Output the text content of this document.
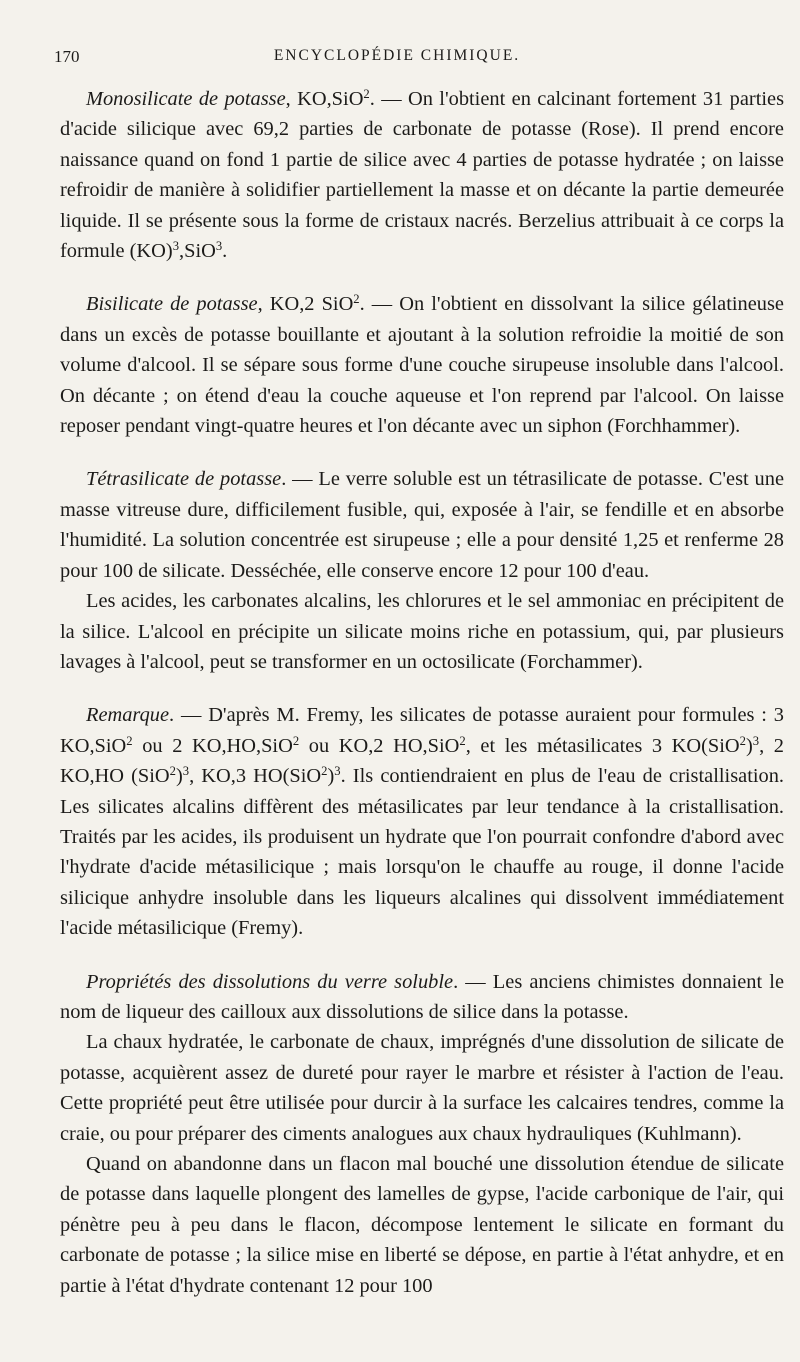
170	ENCYCLOPÉDIE CHIMIQUE.

Monosilicate de potasse, KO,SiO$^2$. — On l'obtient en calcinant fortement 31 parties d'acide silicique avec 69,2 parties de carbonate de potasse (Rose). Il prend encore naissance quand on fond 1 partie de silice avec 4 parties de potasse hydratée ; on laisse refroidir de manière à solidifier partiellement la masse et on décante la partie demeurée liquide. Il se présente sous la forme de cristaux nacrés. Berzelius attribuait à ce corps la formule (KO)$^3$,SiO$^3$.

Bisilicate de potasse, KO,2 SiO$^2$. — On l'obtient en dissolvant la silice gélatineuse dans un excès de potasse bouillante et ajoutant à la solution refroidie la moitié de son volume d'alcool. Il se sépare sous forme d'une couche sirupeuse insoluble dans l'alcool. On décante ; on étend d'eau la couche aqueuse et l'on reprend par l'alcool. On laisse reposer pendant vingt-quatre heures et l'on décante avec un siphon (Forchhammer).

Tétrasilicate de potasse. — Le verre soluble est un tétrasilicate de potasse. C'est une masse vitreuse dure, difficilement fusible, qui, exposée à l'air, se fendille et en absorbe l'humidité. La solution concentrée est sirupeuse ; elle a pour densité 1,25 et renferme 28 pour 100 de silicate. Desséchée, elle conserve encore 12 pour 100 d'eau.

Les acides, les carbonates alcalins, les chlorures et le sel ammoniac en précipitent de la silice. L'alcool en précipite un silicate moins riche en potassium, qui, par plusieurs lavages à l'alcool, peut se transformer en un octosilicate (Forchammer).

Remarque. — D'après M. Fremy, les silicates de potasse auraient pour formules : 3 KO,SiO$^2$ ou 2 KO,HO,SiO$^2$ ou KO,2 HO,SiO$^2$, et les métasilicates 3 $KO(SiO^2)^3$, 2 KO,HO $(SiO^2)^3$, KO,3 $HO(SiO^2)^3$. Ils contiendraient en plus de l'eau de cristallisation. Les silicates alcalins diffèrent des métasilicates par leur tendance à la cristallisation. Traités par les acides, ils produisent un hydrate que l'on pourrait confondre d'abord avec l'hydrate d'acide métasilicique ; mais lorsqu'on le chauffe au rouge, il donne l'acide silicique anhydre insoluble dans les liqueurs alcalines qui dissolvent immédiatement l'acide métasilicique (Fremy).

Propriétés des dissolutions du verre soluble. — Les anciens chimistes donnaient le nom de liqueur des cailloux aux dissolutions de silice dans la potasse.

La chaux hydratée, le carbonate de chaux, imprégnés d'une dissolution de silicate de potasse, acquièrent assez de dureté pour rayer le marbre et résister à l'action de l'eau. Cette propriété peut être utilisée pour durcir à la surface les calcaires tendres, comme la craie, ou pour préparer des ciments analogues aux chaux hydrauliques (Kuhlmann).

Quand on abandonne dans un flacon mal bouché une dissolution étendue de silicate de potasse dans laquelle plongent des lamelles de gypse, l'acide carbonique de l'air, qui pénètre peu à peu dans le flacon, décompose lentement le silicate en formant du carbonate de potasse ; la silice mise en liberté se dépose, en partie à l'état anhydre, et en partie à l'état d'hydrate contenant 12 pour 100
